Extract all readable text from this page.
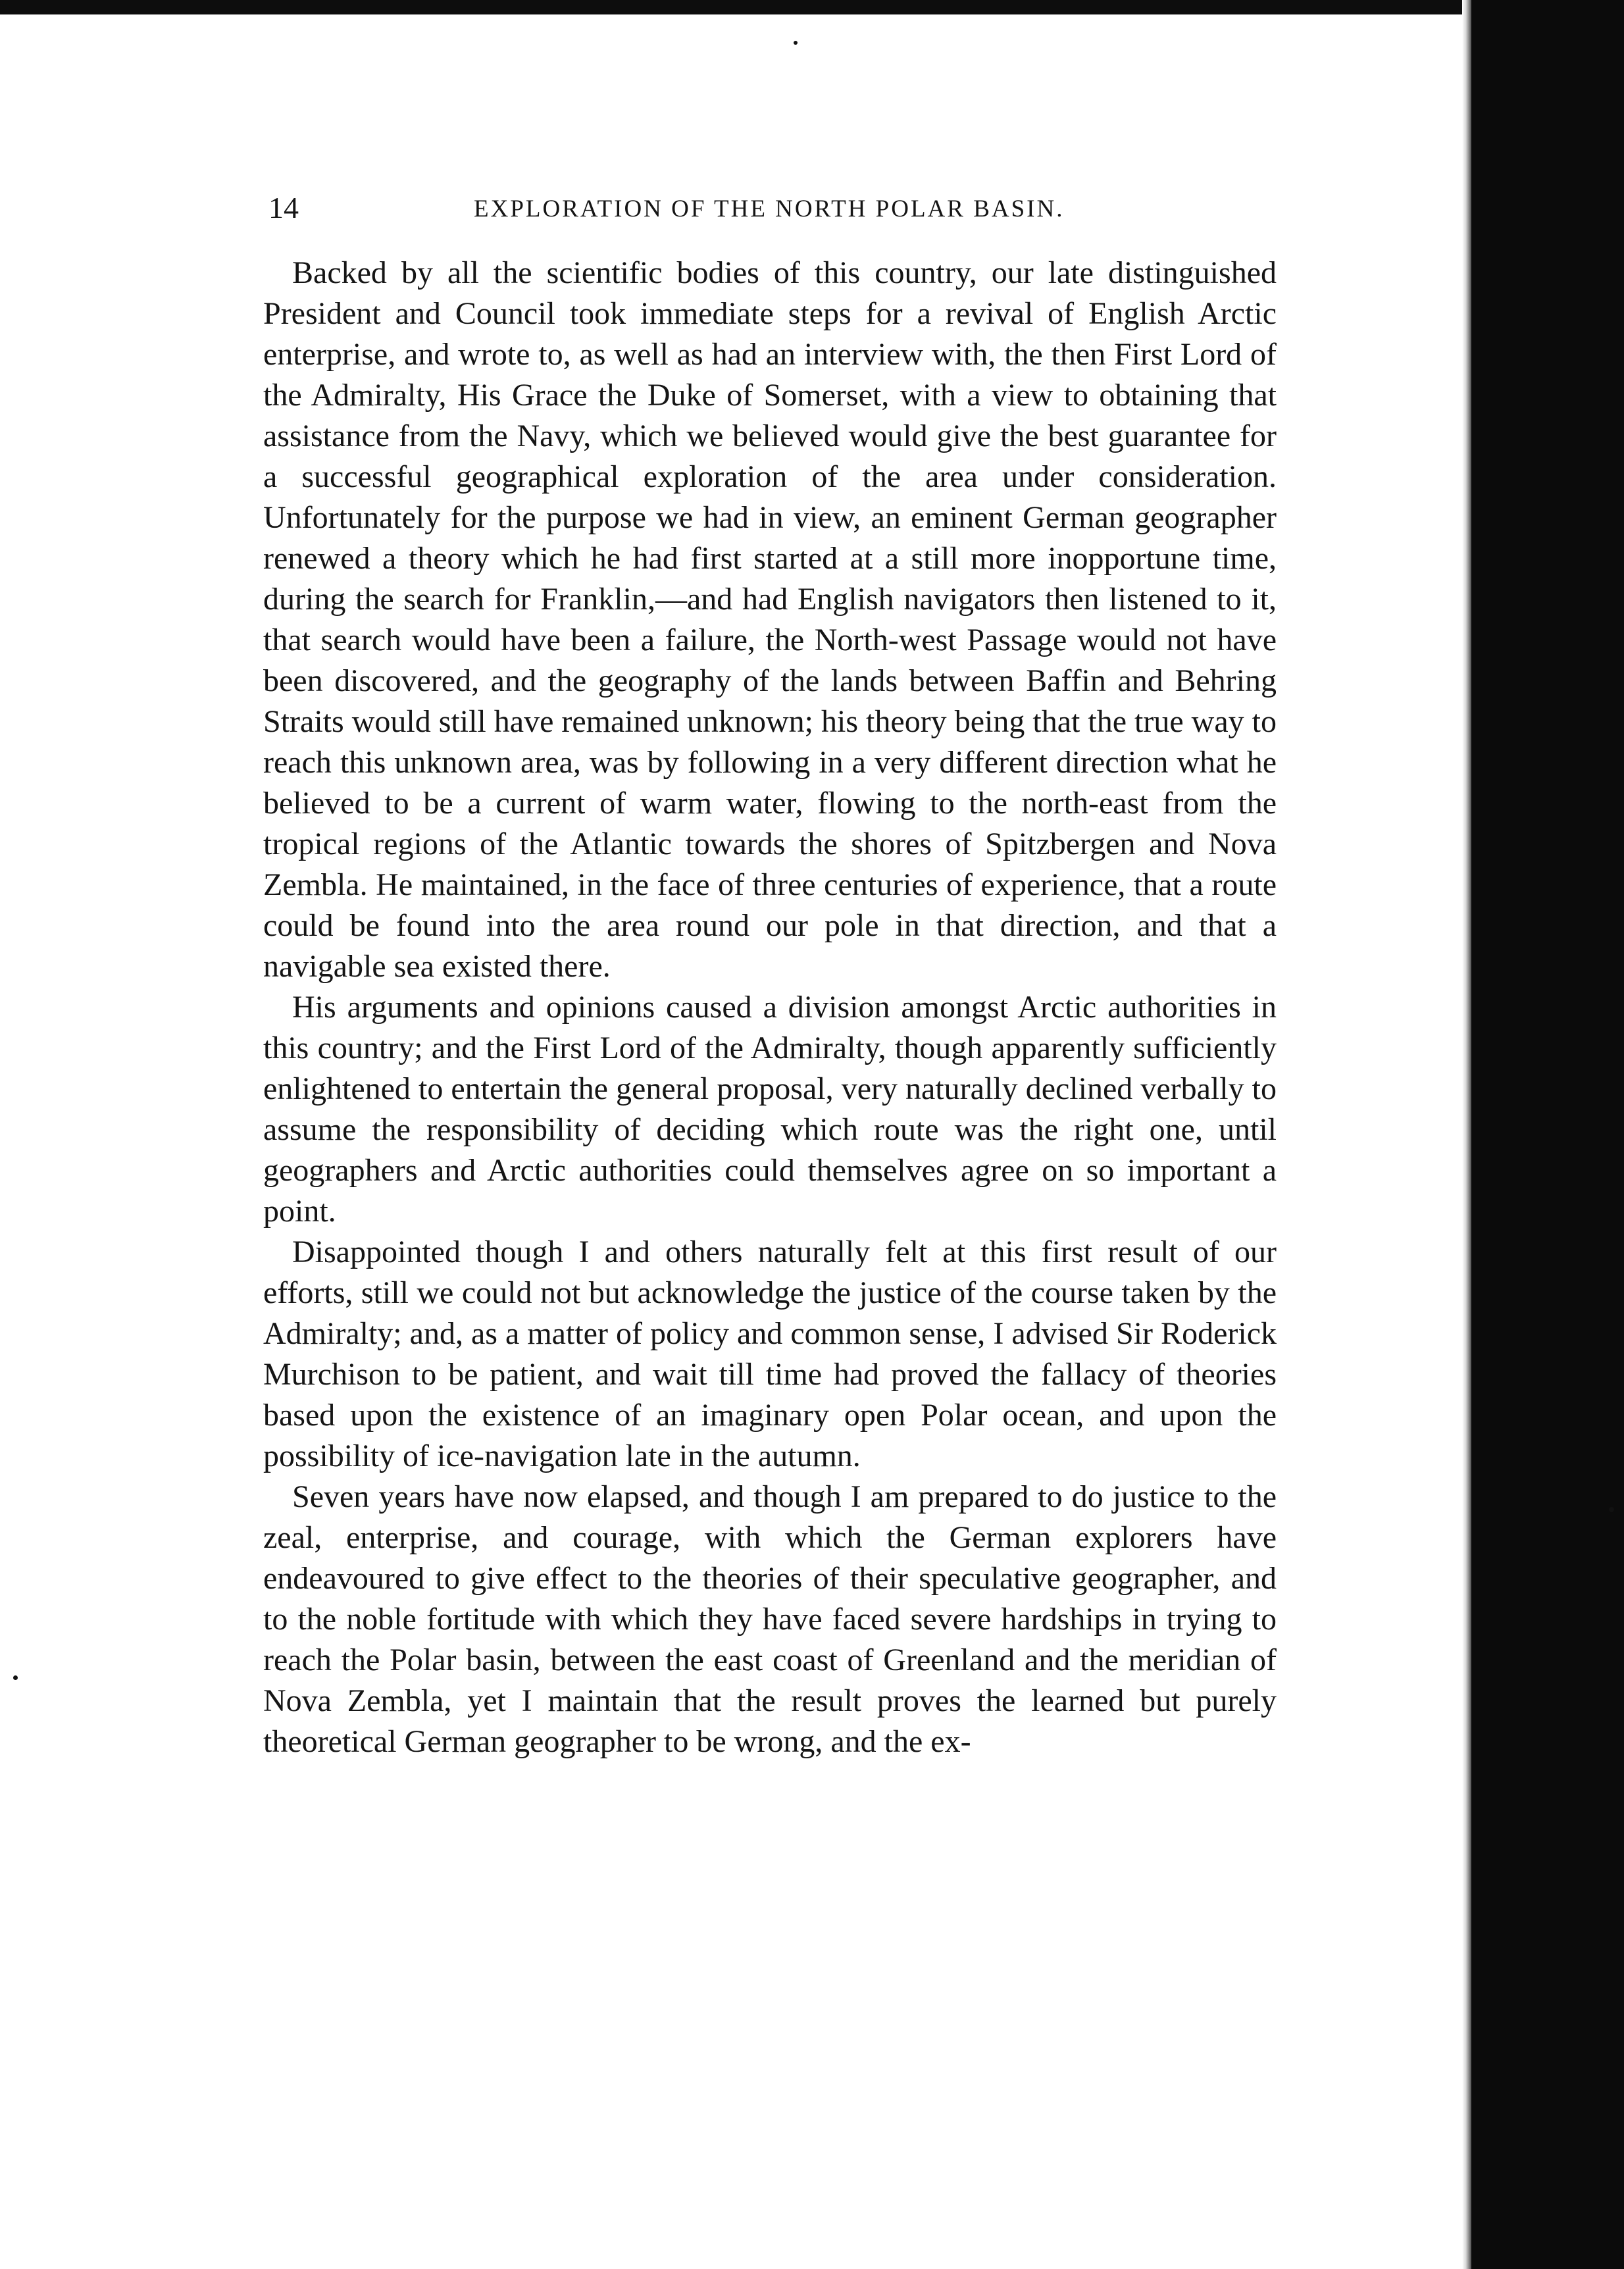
14	EXPLORATION OF THE NORTH POLAR BASIN.

Backed by all the scientific bodies of this country, our late distinguished President and Council took immediate steps for a revival of English Arctic enterprise, and wrote to, as well as had an interview with, the then First Lord of the Admiralty, His Grace the Duke of Somerset, with a view to obtaining that assistance from the Navy, which we believed would give the best guarantee for a successful geographical exploration of the area under consideration. Unfortunately for the purpose we had in view, an eminent German geographer renewed a theory which he had first started at a still more inopportune time, during the search for Franklin,—and had English navigators then listened to it, that search would have been a failure, the North-west Passage would not have been discovered, and the geography of the lands between Baffin and Behring Straits would still have remained unknown; his theory being that the true way to reach this unknown area, was by following in a very different direction what he believed to be a current of warm water, flowing to the north-east from the tropical regions of the Atlantic towards the shores of Spitzbergen and Nova Zembla. He maintained, in the face of three centuries of experience, that a route could be found into the area round our pole in that direction, and that a navigable sea existed there.

His arguments and opinions caused a division amongst Arctic authorities in this country; and the First Lord of the Admiralty, though apparently sufficiently enlightened to entertain the general proposal, very naturally declined verbally to assume the responsibility of deciding which route was the right one, until geographers and Arctic authorities could themselves agree on so important a point.

Disappointed though I and others naturally felt at this first result of our efforts, still we could not but acknowledge the justice of the course taken by the Admiralty; and, as a matter of policy and common sense, I advised Sir Roderick Murchison to be patient, and wait till time had proved the fallacy of theories based upon the existence of an imaginary open Polar ocean, and upon the possibility of ice-navigation late in the autumn.

Seven years have now elapsed, and though I am prepared to do justice to the zeal, enterprise, and courage, with which the German explorers have endeavoured to give effect to the theories of their speculative geographer, and to the noble fortitude with which they have faced severe hardships in trying to reach the Polar basin, between the east coast of Greenland and the meridian of Nova Zembla, yet I maintain that the result proves the learned but purely theoretical German geographer to be wrong, and the ex-
